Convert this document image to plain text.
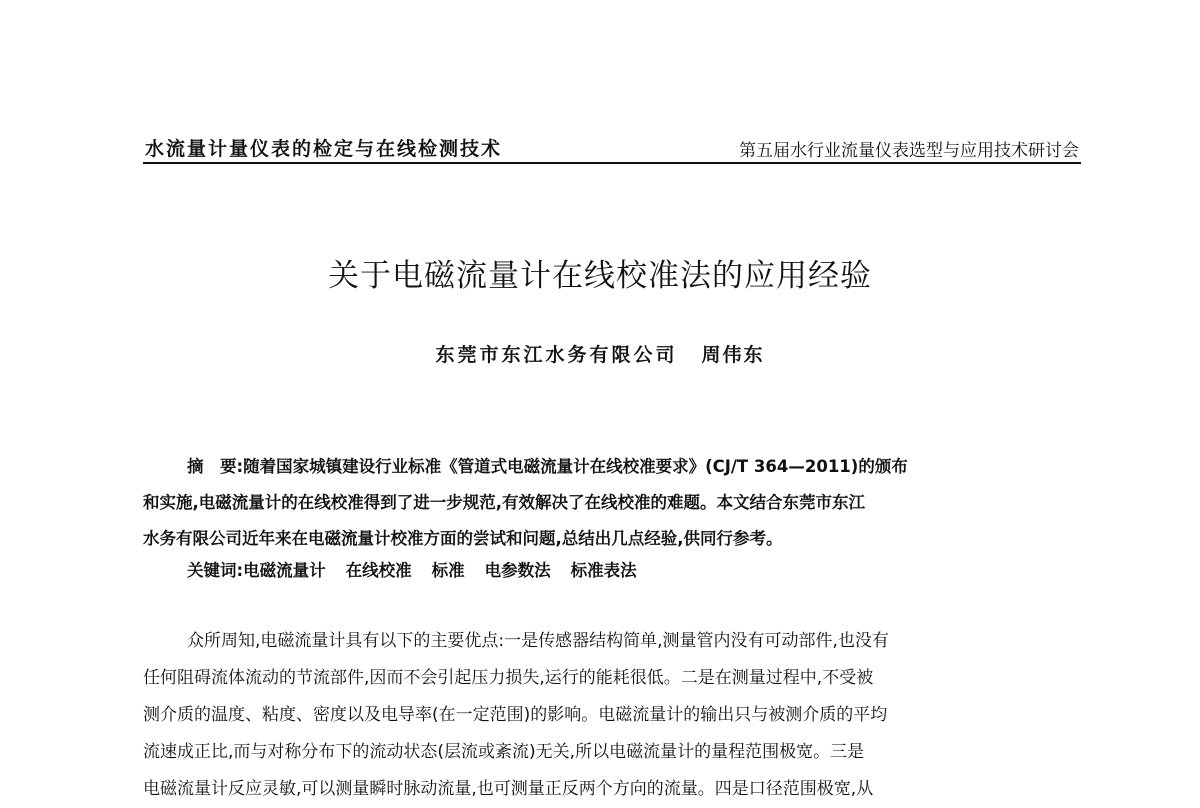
水流量计量仪表的检定与在线检测技术	第五届水行业流量仪表选型与应用技术研讨会
关于电磁流量计在线校准法的应用经验
东莞市东江水务有限公司 周伟东
摘　要:随着国家城镇建设行业标准《管道式电磁流量计在线校准要求》(CJ/T 364—2011)的颁布
和实施,电磁流量计的在线校准得到了进一步规范,有效解决了在线校准的难题。本文结合东莞市东江
水务有限公司近年来在电磁流量计校准方面的尝试和问题,总结出几点经验,供同行参考。
关键词:电磁流量计 在线校准 标准 电参数法 标准表法
众所周知,电磁流量计具有以下的主要优点:一是传感器结构简单,测量管内没有可动部件,也没有
任何阻碍流体流动的节流部件,因而不会引起压力损失,运行的能耗很低。二是在测量过程中,不受被
测介质的温度、粘度、密度以及电导率(在一定范围)的影响。电磁流量计的输出只与被测介质的平均
流速成正比,而与对称分布下的流动状态(层流或紊流)无关,所以电磁流量计的量程范围极宽。三是
电磁流量计反应灵敏,可以测量瞬时脉动流量,也可测量正反两个方向的流量。四是口径范围极宽,从
